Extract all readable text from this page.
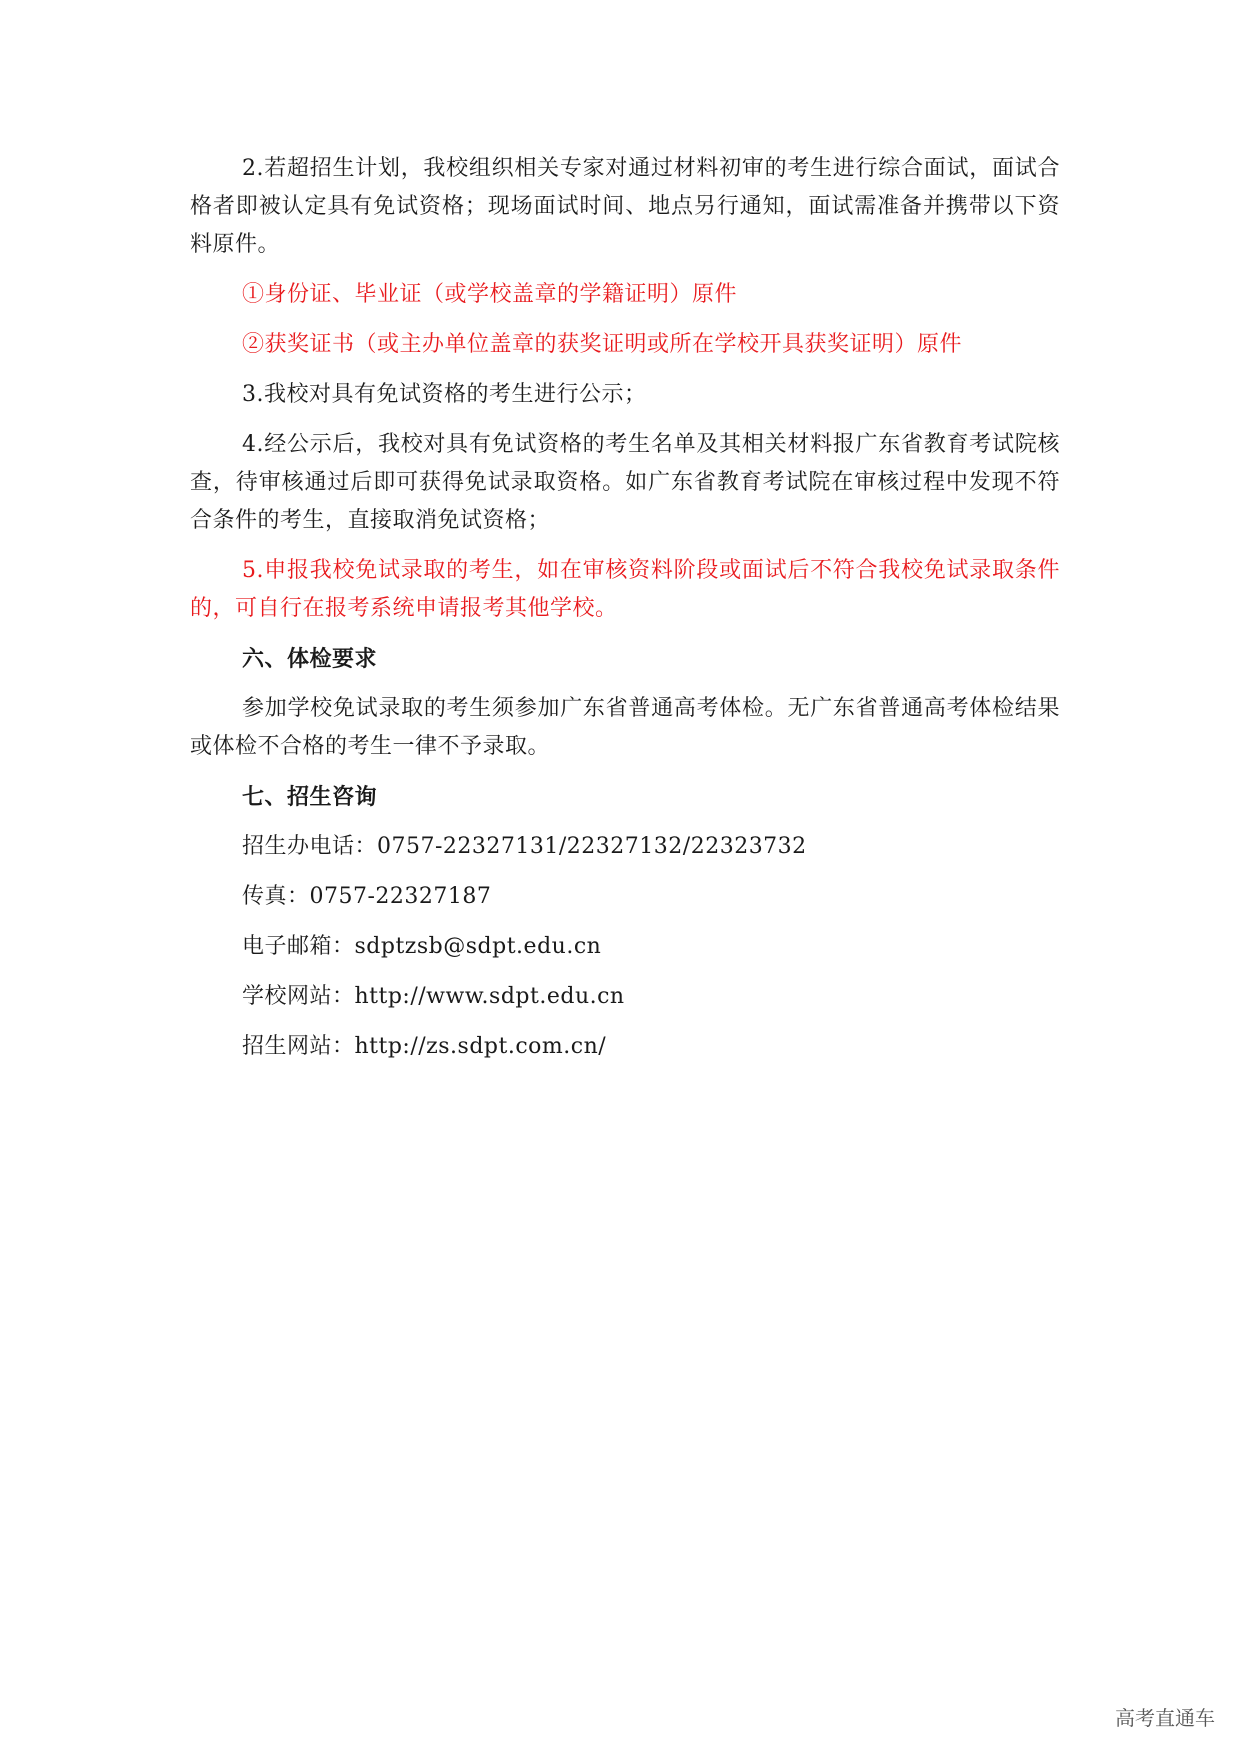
2.若超招生计划，我校组织相关专家对通过材料初审的考生进行综合面试，面试合格者即被认定具有免试资格；现场面试时间、地点另行通知，面试需准备并携带以下资料原件。

①身份证、毕业证（或学校盖章的学籍证明）原件

②获奖证书（或主办单位盖章的获奖证明或所在学校开具获奖证明）原件

3.我校对具有免试资格的考生进行公示；

4.经公示后，我校对具有免试资格的考生名单及其相关材料报广东省教育考试院核查，待审核通过后即可获得免试录取资格。如广东省教育考试院在审核过程中发现不符合条件的考生，直接取消免试资格；

5.申报我校免试录取的考生，如在审核资料阶段或面试后不符合我校免试录取条件的，可自行在报考系统申请报考其他学校。

六、体检要求

参加学校免试录取的考生须参加广东省普通高考体检。无广东省普通高考体检结果或体检不合格的考生一律不予录取。

七、招生咨询

招生办电话：0757-22327131/22327132/22323732

传真：0757-22327187

电子邮箱：sdptzsb@sdpt.edu.cn

学校网站：http://www.sdpt.edu.cn

招生网站：http://zs.sdpt.com.cn/

高考直通车
